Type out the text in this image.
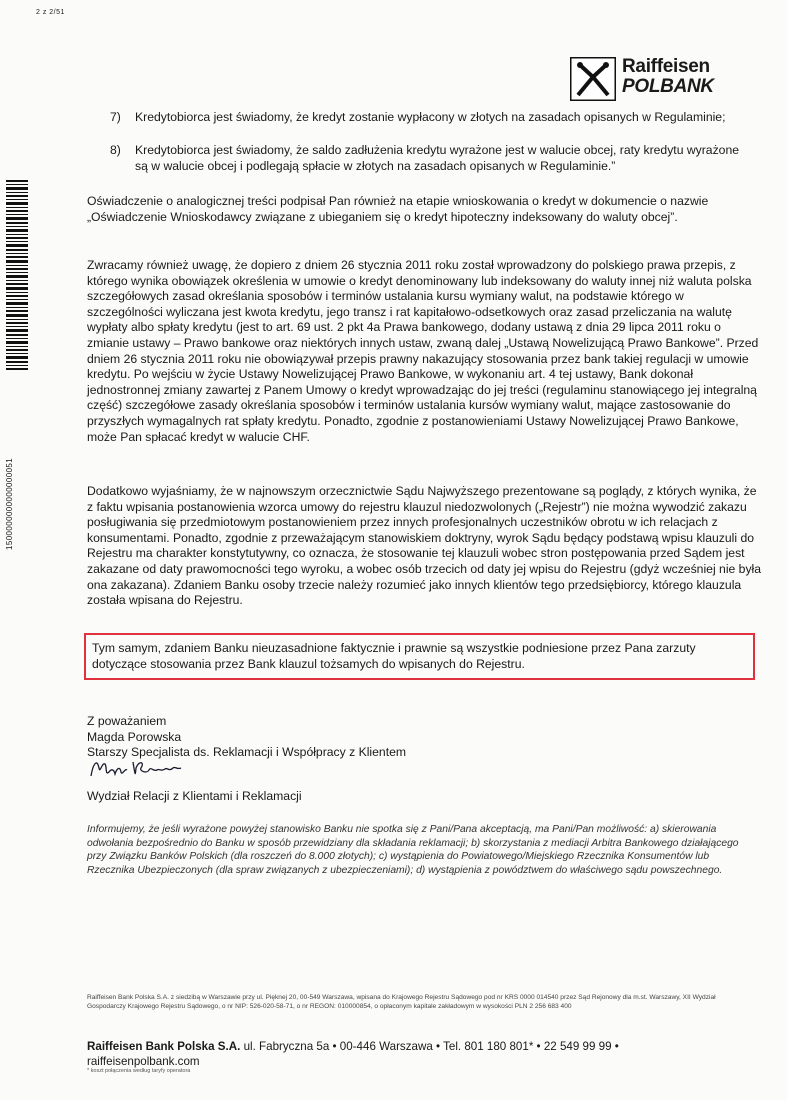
2 z 2/51
Raiffeisen
POLBANK
1500000000000000051
7) Kredytobiorca jest świadomy, że kredyt zostanie wypłacony w złotych na zasadach opisanych w Regulaminie;
8) Kredytobiorca jest świadomy, że saldo zadłużenia kredytu wyrażone jest w walucie obcej, raty kredytu wyrażone są w walucie obcej i podlegają spłacie w złotych na zasadach opisanych w Regulaminie.”
Oświadczenie o analogicznej treści podpisał Pan również na etapie wnioskowania o kredyt w dokumencie o nazwie „Oświadczenie Wnioskodawcy związane z ubieganiem się o kredyt hipoteczny indeksowany do waluty obcej”.
Zwracamy również uwagę, że dopiero z dniem 26 stycznia 2011 roku został wprowadzony do polskiego prawa przepis, z którego wynika obowiązek określenia w umowie o kredyt denominowany lub indeksowany do waluty innej niż waluta polska szczegółowych zasad określania sposobów i terminów ustalania kursu wymiany walut, na podstawie którego w szczególności wyliczana jest kwota kredytu, jego transz i rat kapitałowo-odsetkowych oraz zasad przeliczania na walutę wypłaty albo spłaty kredytu (jest to art. 69 ust. 2 pkt 4a Prawa bankowego, dodany ustawą z dnia 29 lipca 2011 roku o zmianie ustawy – Prawo bankowe oraz niektórych innych ustaw, zwaną dalej „Ustawą Nowelizującą Prawo Bankowe”. Przed dniem 26 stycznia 2011 roku nie obowiązywał przepis prawny nakazujący stosowania przez bank takiej regulacji w umowie kredytu. Po wejściu w życie Ustawy Nowelizującej Prawo Bankowe, w wykonaniu art. 4 tej ustawy, Bank dokonał jednostronnej zmiany zawartej z Panem Umowy o kredyt wprowadzając do jej treści (regulaminu stanowiącego jej integralną część) szczegółowe zasady określania sposobów i terminów ustalania kursów wymiany walut, mające zastosowanie do przyszłych wymagalnych rat spłaty kredytu. Ponadto, zgodnie z postanowieniami Ustawy Nowelizującej Prawo Bankowe, może Pan spłacać kredyt w walucie CHF.
Dodatkowo wyjaśniamy, że w najnowszym orzecznictwie Sądu Najwyższego prezentowane są poglądy, z których wynika, że z faktu wpisania postanowienia wzorca umowy do rejestru klauzul niedozwolonych („Rejestr”) nie można wywodzić zakazu posługiwania się przedmiotowym postanowieniem przez innych profesjonalnych uczestników obrotu w ich relacjach z konsumentami. Ponadto, zgodnie z przeważającym stanowiskiem doktryny, wyrok Sądu będący podstawą wpisu klauzuli do Rejestru ma charakter konstytutywny, co oznacza, że stosowanie tej klauzuli wobec stron postępowania przed Sądem jest zakazane od daty prawomocności tego wyroku, a wobec osób trzecich od daty jej wpisu do Rejestru (gdyż wcześniej nie była ona zakazana). Zdaniem Banku osoby trzecie należy rozumieć jako innych klientów tego przedsiębiorcy, którego klauzula została wpisana do Rejestru.
Tym samym, zdaniem Banku nieuzasadnione faktycznie i prawnie są wszystkie podniesione przez Pana zarzuty dotyczące stosowania przez Bank klauzul tożsamych do wpisanych do Rejestru.
Z poważaniem
Magda Porowska
Starszy Specjalista ds. Reklamacji i Współpracy z Klientem
Wydział Relacji z Klientami i Reklamacji
Informujemy, że jeśli wyrażone powyżej stanowisko Banku nie spotka się z Pani/Pana akceptacją, ma Pani/Pan możliwość: a) skierowania odwołania bezpośrednio do Banku w sposób przewidziany dla składania reklamacji; b) skorzystania z mediacji Arbitra Bankowego działającego przy Związku Banków Polskich (dla roszczeń do 8.000 złotych); c) wystąpienia do Powiatowego/Miejskiego Rzecznika Konsumentów lub Rzecznika Ubezpieczonych (dla spraw związanych z ubezpieczeniami); d) wystąpienia z powództwem do właściwego sądu powszechnego.
Raiffeisen Bank Polska S.A. z siedzibą w Warszawie przy ul. Pięknej 20, 00-549 Warszawa, wpisana do Krajowego Rejestru Sądowego pod nr KRS 0000 014540 przez Sąd Rejonowy dla m.st. Warszawy, XII Wydział Gospodarczy Krajowego Rejestru Sądowego, o nr NIP: 526-020-58-71, o nr REGON: 010000854, o opłaconym kapitale zakładowym w wysokości PLN 2 256 683 400
Raiffeisen Bank Polska S.A. ul. Fabryczna 5a • 00-446 Warszawa • Tel. 801 180 801* • 22 549 99 99 •
raiffeisenpolbank.com
* koszt połączenia według taryfy operatora
